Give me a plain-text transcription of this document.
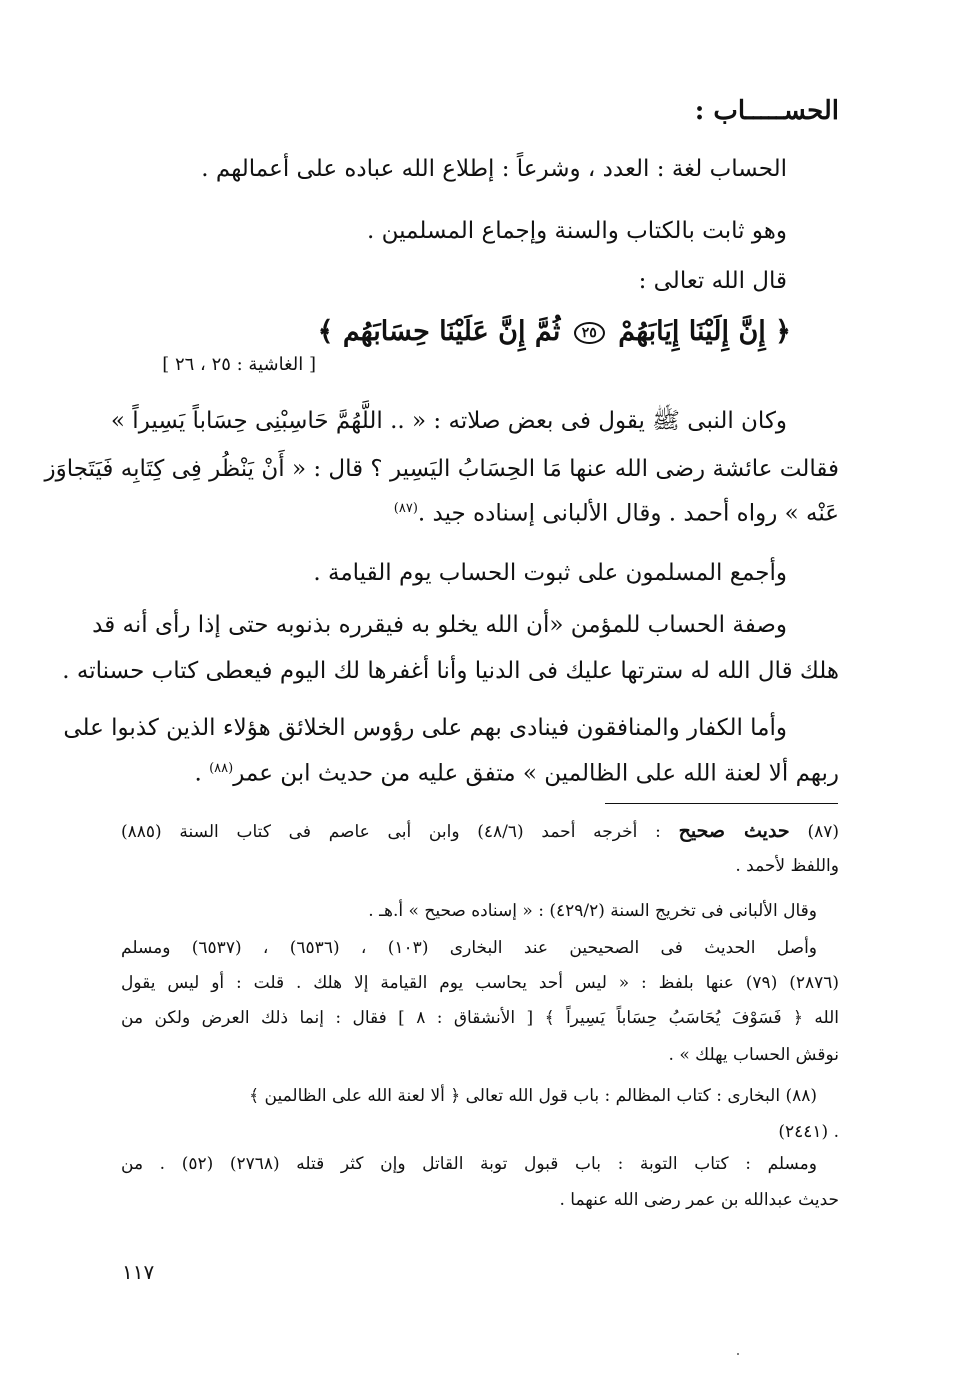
الحســـــاب :
الحساب لغة : العدد ، وشرعاً : إطلاع الله عباده على أعمالهم .
وهو ثابت بالكتاب والسنة وإجماع المسلمين .
قال الله تعالى :
﴿ إِنَّ إِلَيْنَا إِيَابَهُمْ ٢٥ ثُمَّ إِنَّ عَلَيْنَا حِسَابَهُم ﴾
[ الغاشية : ٢٥ ، ٢٦ ]
وكان النبى ﷺ يقول فى بعض صلاته : « .. اللَّهُمَّ حَاسِبْنِى حِسَاباً يَسِيراً »
فقالت عائشة رضى الله عنها مَا الحِسَابُ اليَسِير ؟ قال : « أَنْ يَنْظُر فِى كِتَابِه فَيَتَجاوَز
عَنْه » رواه أحمد . وقال الألبانى إسناده جيد .$^{(٨٧)}$
وأجمع المسلمون على ثبوت الحساب يوم القيامة .
وصفة الحساب للمؤمن «أن الله يخلو به فيقرره بذنوبه حتى إذا رأى أنه قد
هلك قال الله له سترتها عليك فى الدنيا وأنا أغفرها لك اليوم فيعطى كتاب حسناته .
وأما الكفار والمنافقون فينادى بهم على رؤوس الخلائق هؤلاء الذين كذبوا على
ربهم ألا لعنة الله على الظالمين » متفق عليه من حديث ابن عمر$^{(٨٨)}$ .
(٨٧) حديث صحيح : أخرجه أحمد (٤٨/٦) وابن أبى عاصم فى كتاب السنة (٨٨٥)
واللفظ لأحمد .
وقال الألبانى فى تخريج السنة (٤٢٩/٢) : « إسناده صحيح » أ.هـ .
وأصل الحديث فى الصحيحين عند البخارى (١٠٣) ، (٦٥٣٦) ، (٦٥٣٧) ومسلم
(٢٨٧٦) (٧٩) عنها بلفظ : « ليس أحد يحاسب يوم القيامة إلا هلك . قلت : أو ليس يقول
الله ﴿ فَسَوْفَ يُحَاسَبُ حِسَاباً يَسِيراً ﴾ [ الأنشقاق : ٨ ] فقال : إنما ذلك العرض ولكن من
نوقش الحساب يهلك » .
(٨٨) البخارى : كتاب المظالم : باب قول الله تعالى ﴿ ألا لعنة الله على الظالمين ﴾
(٢٤٤١) .
ومسلم : كتاب التوبة : باب قبول توبة القاتل وإن كثر قتله (٢٧٦٨) (٥٢) . من
حديث عبدالله بن عمر رضى الله عنهما .
١١٧
